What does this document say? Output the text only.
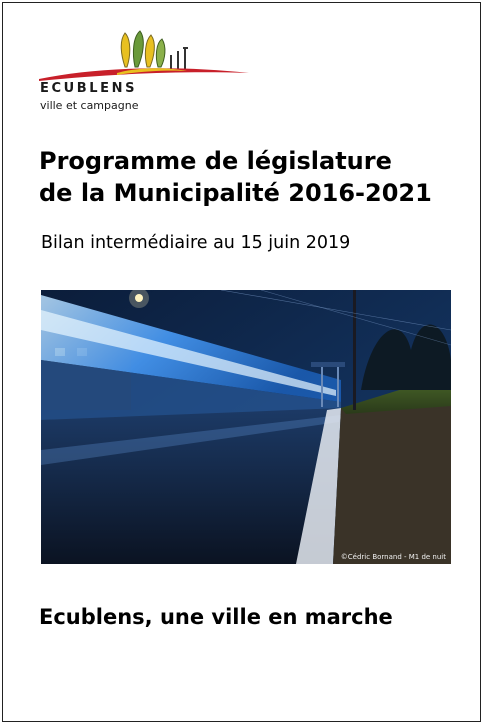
ECUBLENS
ville et campagne
Programme de législature
de la Municipalité 2016-2021
Bilan intermédiaire au 15 juin 2019
©Cédric Bornand - M1 de nuit
Ecublens, une ville en marche
